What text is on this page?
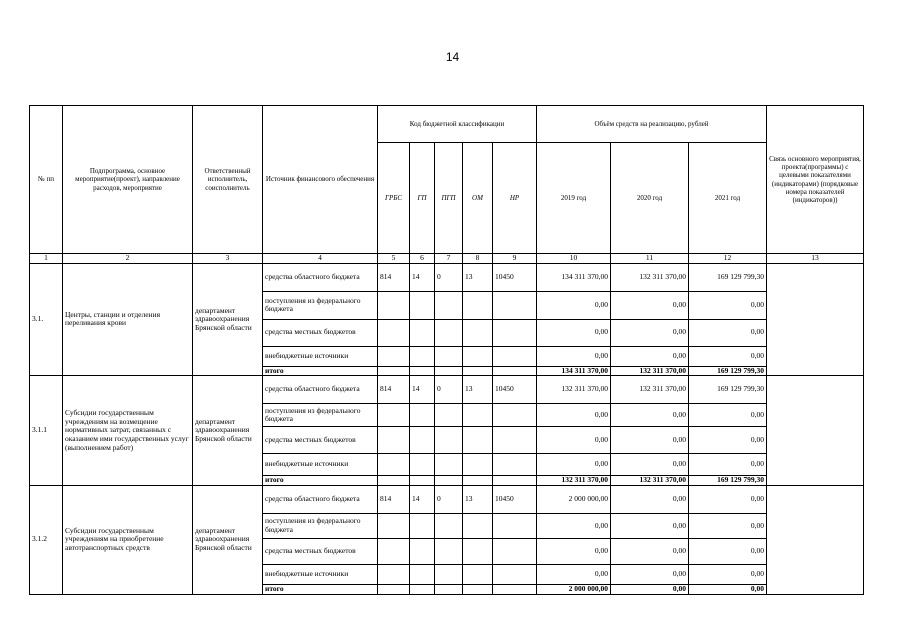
14
№ пп	Подпрограмма, основное мероприятие(проект), направление расходов, мероприятие	Ответственный исполнитель, соисполнитель	Источник финансового обеспечения	Код бюджетной классификации					Объём средств на реализацию, рублей			Связь основного мероприятия, проекта(программы) с целевыми показателями (индикаторами) (порядковые номера показателей (индикаторов))
				ГРБС	ГП	ПГП	ОМ	НР	2019 год	2020 год	2021 год	
1	2	3	4	5	6	7	8	9	10	11	12	13
3.1.	Центры, станции и отделения переливания крови	департамент здравоохранения Брянской области	средства областного бюджета	814	14	0	13	10450	134 311 370,00	132 311 370,00	169 129 799,30	
			поступления из федерального бюджета						0,00	0,00	0,00	
			средства местных бюджетов						0,00	0,00	0,00	
			внебюджетные источники						0,00	0,00	0,00	
			итого						134 311 370,00	132 311 370,00	169 129 799,30	
3.1.1	Субсидии государственным учреждениям на возмещение нормативных затрат, связанных с оказанием ими государственных услуг (выполнением работ)	департамент здравоохранения Брянской области	средства областного бюджета	814	14	0	13	10450	132 311 370,00	132 311 370,00	169 129 799,30	
			поступления из федерального бюджета						0,00	0,00	0,00	
			средства местных бюджетов						0,00	0,00	0,00	
			внебюджетные источники						0,00	0,00	0,00	
			итого						132 311 370,00	132 311 370,00	169 129 799,30	
3.1.2	Субсидии государственным учреждениям на приобретение автотранспортных средств	департамент здравоохранения Брянской области	средства областного бюджета	814	14	0	13	10450	2 000 000,00	0,00	0,00	
			поступления из федерального бюджета						0,00	0,00	0,00	
			средства местных бюджетов						0,00	0,00	0,00	
			внебюджетные источники						0,00	0,00	0,00	
			итого						2 000 000,00	0,00	0,00	
